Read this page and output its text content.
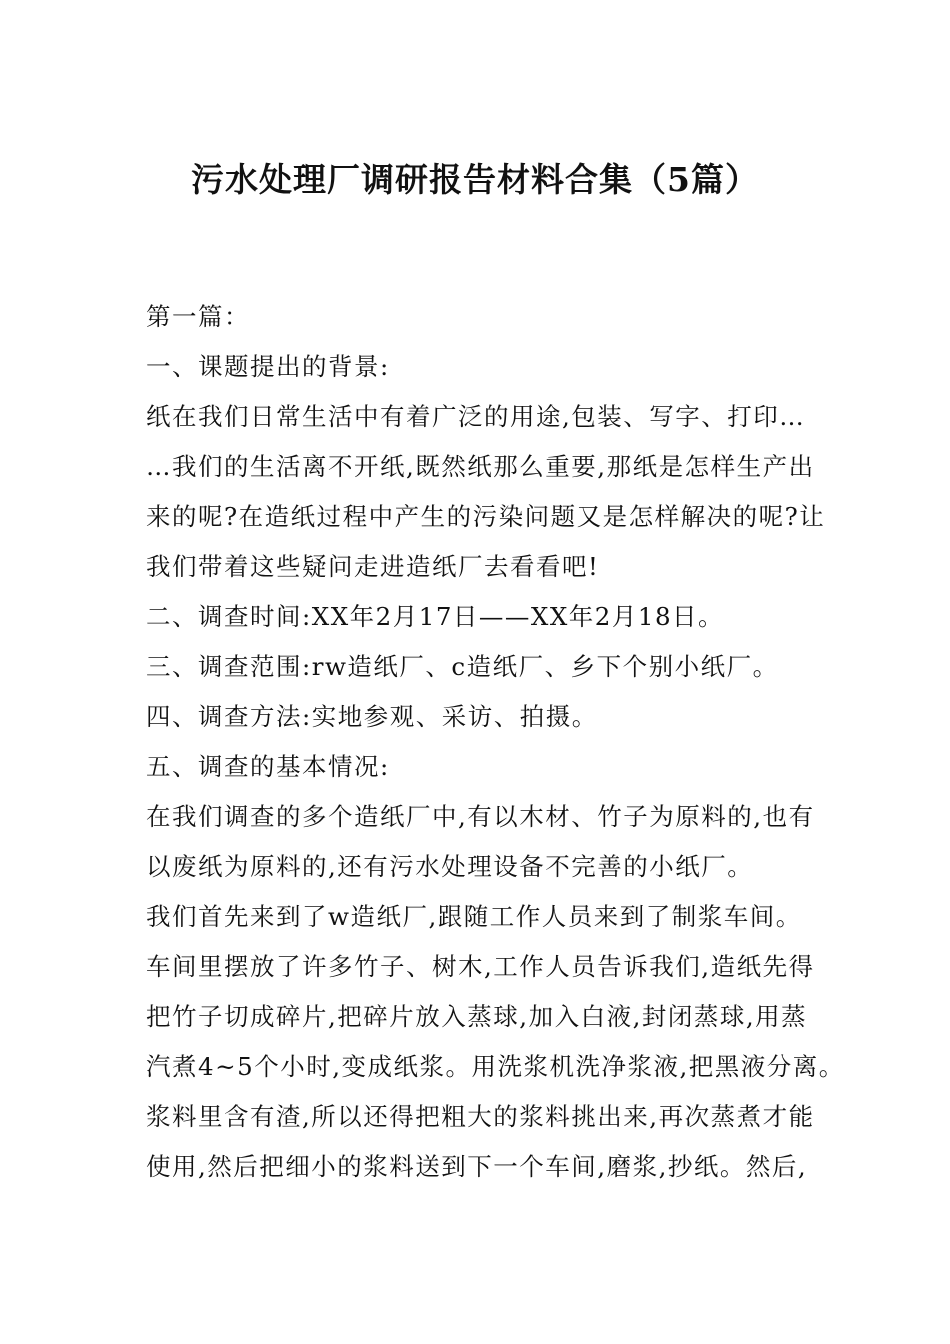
污水处理厂调研报告材料合集（5篇）
第一篇：
一、课题提出的背景:
纸在我们日常生活中有着广泛的用途,包装、写字、打印…
…我们的生活离不开纸,既然纸那么重要,那纸是怎样生产出
来的呢?在造纸过程中产生的污染问题又是怎样解决的呢?让
我们带着这些疑问走进造纸厂去看看吧!
二、调查时间:XX年2月17日——XX年2月18日。
三、调查范围:rw造纸厂、c造纸厂、乡下个别小纸厂。
四、调查方法:实地参观、采访、拍摄。
五、调查的基本情况:
在我们调查的多个造纸厂中,有以木材、竹子为原料的,也有
以废纸为原料的,还有污水处理设备不完善的小纸厂。
我们首先来到了w造纸厂,跟随工作人员来到了制浆车间。
车间里摆放了许多竹子、树木,工作人员告诉我们,造纸先得
把竹子切成碎片,把碎片放入蒸球,加入白液,封闭蒸球,用蒸
汽煮4~5个小时,变成纸浆。用洗浆机洗净浆液,把黑液分离。
浆料里含有渣,所以还得把粗大的浆料挑出来,再次蒸煮才能
使用,然后把细小的浆料送到下一个车间,磨浆,抄纸。然后,
